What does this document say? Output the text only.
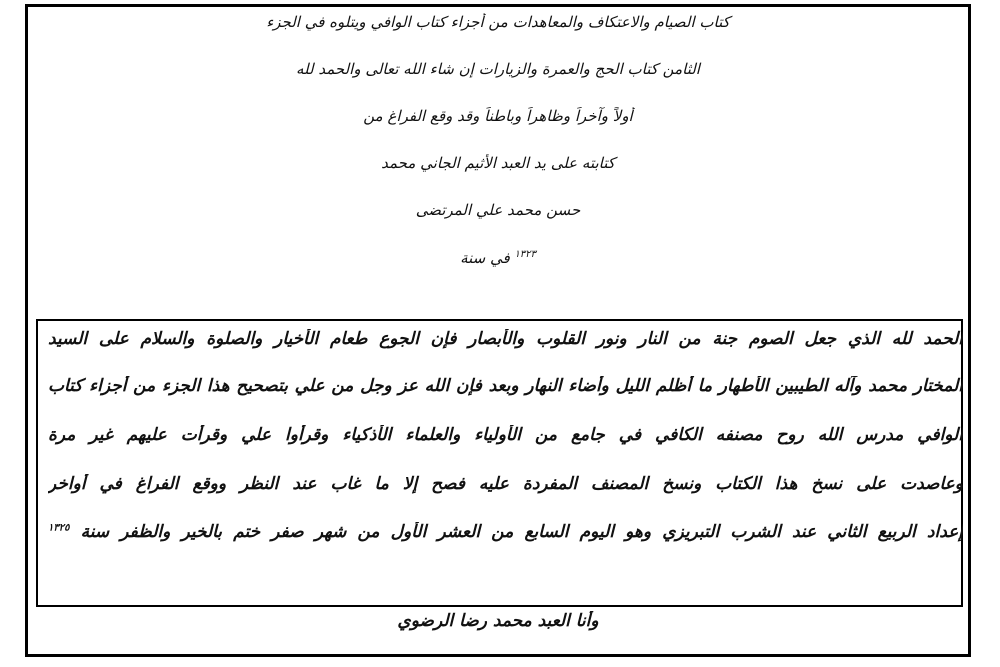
كتاب الصيام والاعتكاف والمعاهدات من أجزاء كتاب الوافي ويتلوه في الجزء
الثامن كتاب الحج والعمرة والزيارات إن شاء الله تعالى والحمد لله
أولاً وآخراً وظاهراً وباطناً وقد وقع الفراغ من
كتابته على يد العبد الأثيم الجاني محمد
حسن محمد علي المرتضى
$^{١٣٢٣}$ في سنة
الحمد لله الذي جعل الصوم جنة من النار ونور القلوب والأبصار فإن الجوع طعام الأخيار والصلوة والسلام على السيد
المختار محمد وآله الطيبين الأطهار ما أظلم الليل وأضاء النهار وبعد فإن الله عز وجل من علي بتصحيح هذا الجزء من أجزاء كتاب
الوافي مدرس الله روح مصنفه الكافي في جامع من الأولياء والعلماء الأذكياء وقرأوا علي وقرأت عليهم غير مرة
وعاصدت على نسخ هذا الكتاب ونسخ المصنف المفردة عليه فصح إلا ما غاب عند النظر ووقع الفراغ في أواخر
إعداد الربيع الثاني عند الشرب التبريزي وهو اليوم السابع من العشر الأول من شهر صفر ختم بالخير والظفر سنة $^{١٣٢٥}$
وأنا العبد محمد رضا الرضوي
